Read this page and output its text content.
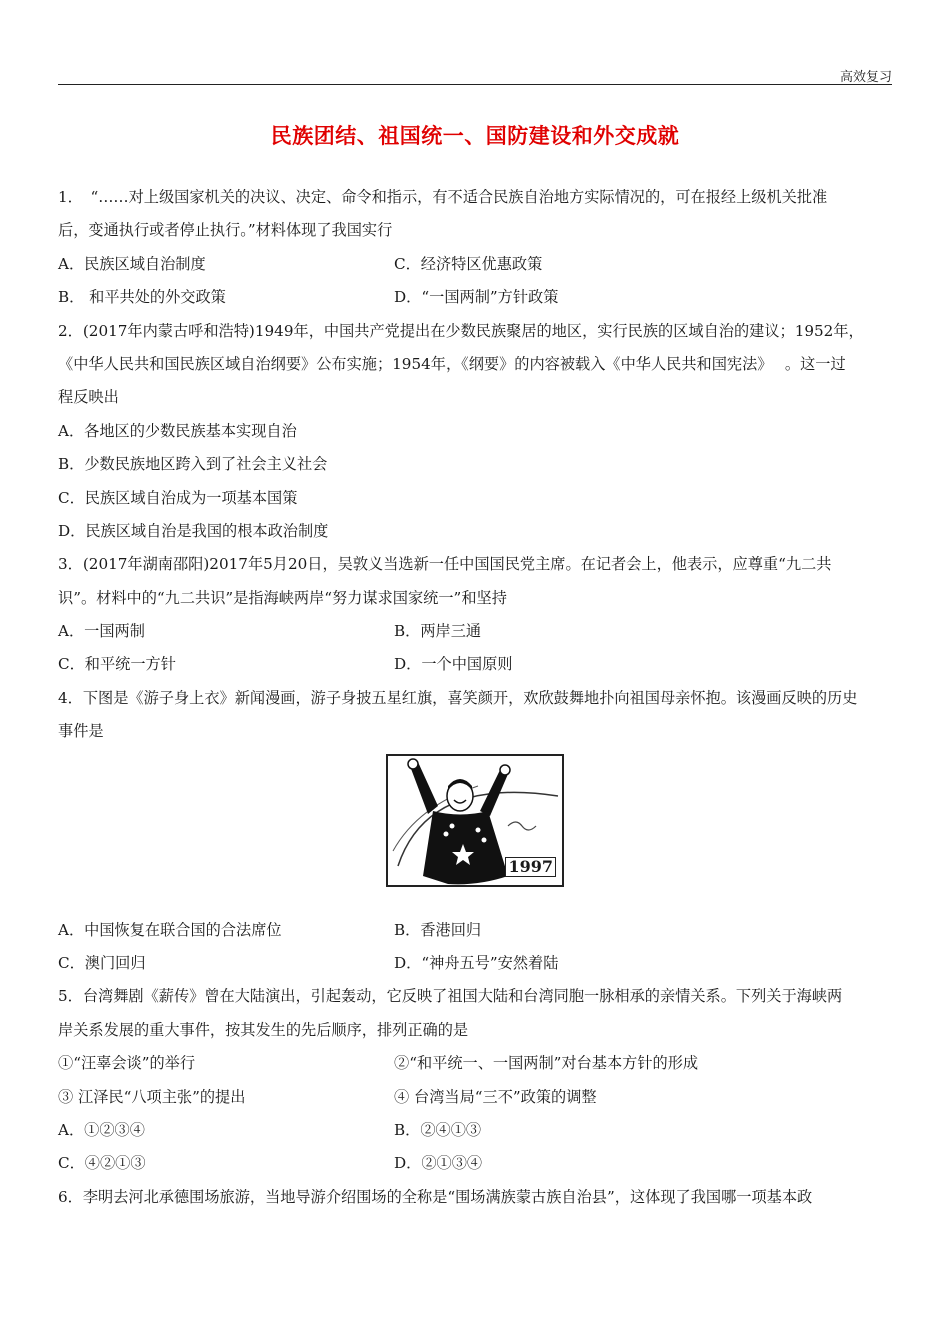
高效复习
民族团结、祖国统一、国防建设和外交成就
1．　“……对上级国家机关的决议、决定、命令和指示，有不适合民族自治地方实际情况的，可在报经上级机关批准
后，变通执行或者停止执行。”材料体现了我国实行
A．民族区域自治制度	C．经济特区优惠政策
B． 和平共处的外交政策	D．“一国两制”方针政策
2．(2017年内蒙古呼和浩特)1949年，中国共产党提出在少数民族聚居的地区，实行民族的区域自治的建议；1952年，
《中华人民共和国民族区域自治纲要》公布实施；1954年，《纲要》的内容被载入《中华人民共和国宪法》　 。这一过
程反映出
A．各地区的少数民族基本实现自治
B．少数民族地区跨入到了社会主义社会
C．民族区域自治成为一项基本国策
D．民族区域自治是我国的根本政治制度
3．(2017年湖南邵阳)2017年5月20日，吴敦义当选新一任中国国民党主席。在记者会上，他表示，应尊重“九二共
识”。材料中的“九二共识”是指海峡两岸“努力谋求国家统一”和坚持
A．一国两制	B．两岸三通
C．和平统一方针	D．一个中国原则
4．下图是《游子身上衣》新闻漫画，游子身披五星红旗，喜笑颜开，欢欣鼓舞地扑向祖国母亲怀抱。该漫画反映的历史
事件是
1997
A．中国恢复在联合国的合法席位	B．香港回归
C．澳门回归	D．“神舟五号”安然着陆
5．台湾舞剧《薪传》曾在大陆演出，引起轰动，它反映了祖国大陆和台湾同胞一脉相承的亲情关系。下列关于海峡两
岸关系发展的重大事件，按其发生的先后顺序，排列正确的是
①“汪辜会谈”的举行	②“和平统一、一国两制”对台基本方针的形成
③ 江泽民“八项主张”的提出	④ 台湾当局“三不”政策的调整
A．①②③④	B．②④①③
C．④②①③	D．②①③④
6．李明去河北承德围场旅游，当地导游介绍围场的全称是“围场满族蒙古族自治县”，这体现了我国哪一项基本政
